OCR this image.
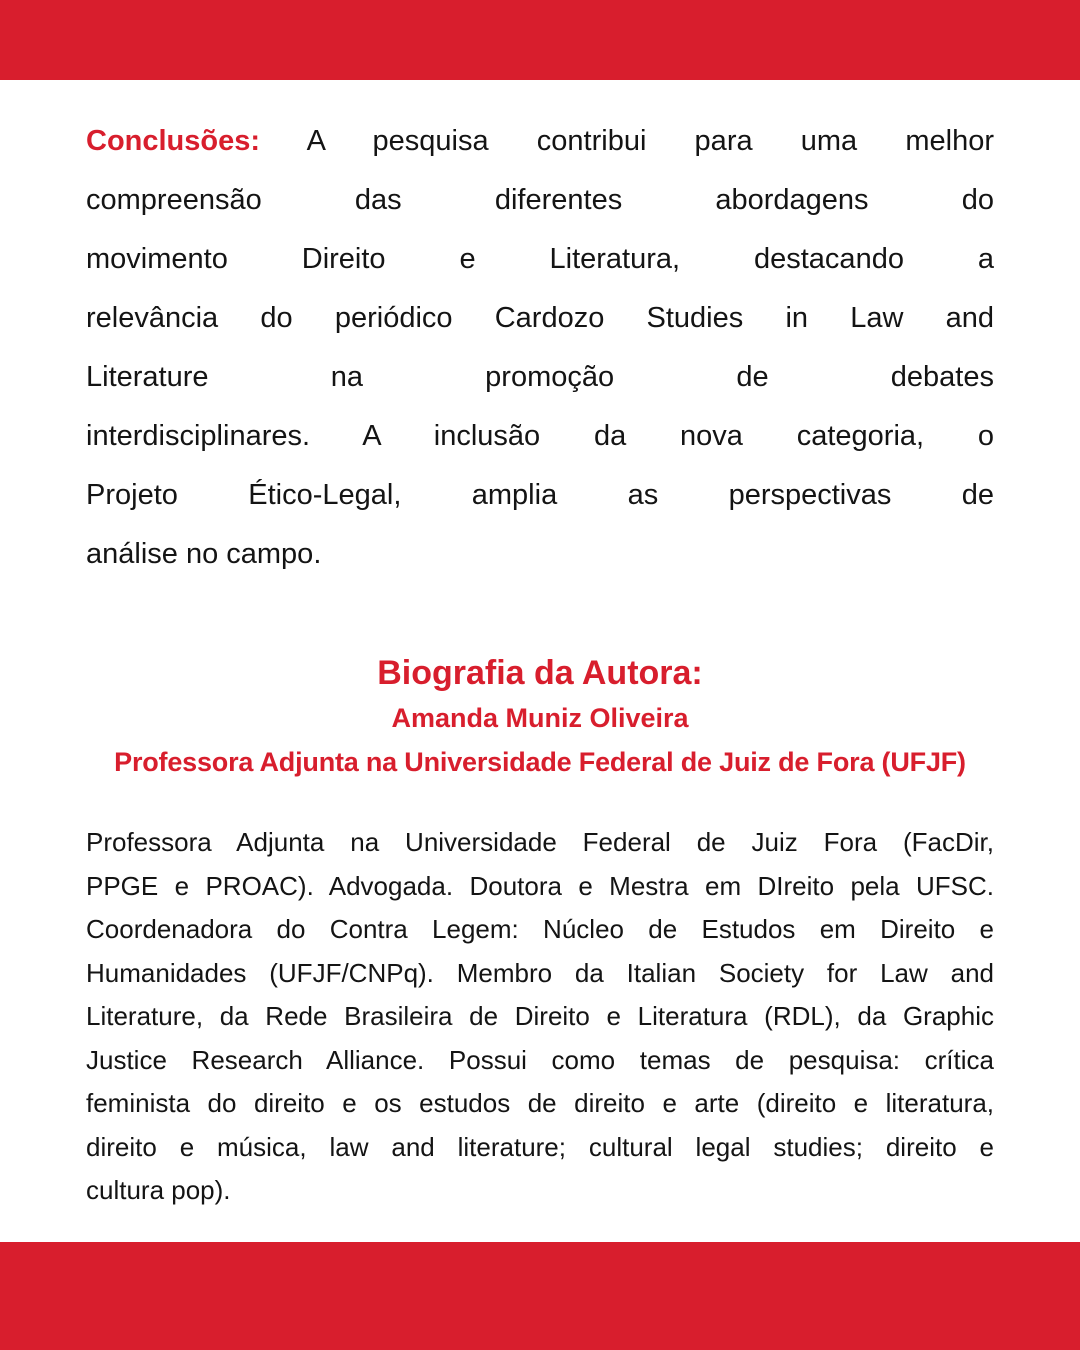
Conclusões: A pesquisa contribui para uma melhor
compreensão das diferentes abordagens do
movimento Direito e Literatura, destacando a
relevância do periódico Cardozo Studies in Law and
Literature na promoção de debates
interdisciplinares. A inclusão da nova categoria, o
Projeto Ético-Legal, amplia as perspectivas de
análise no campo.
Biografia da Autora:
Amanda Muniz Oliveira
Professora Adjunta na Universidade Federal de Juiz de Fora (UFJF)
Professora Adjunta na Universidade Federal de Juiz Fora (FacDir,
PPGE e PROAC). Advogada. Doutora e Mestra em DIreito pela UFSC.
Coordenadora do Contra Legem: Núcleo de Estudos em Direito e
Humanidades (UFJF/CNPq). Membro da Italian Society for Law and
Literature, da Rede Brasileira de Direito e Literatura (RDL), da Graphic
Justice Research Alliance. Possui como temas de pesquisa: crítica
feminista do direito e os estudos de direito e arte (direito e literatura,
direito e música, law and literature; cultural legal studies; direito e
cultura pop).
